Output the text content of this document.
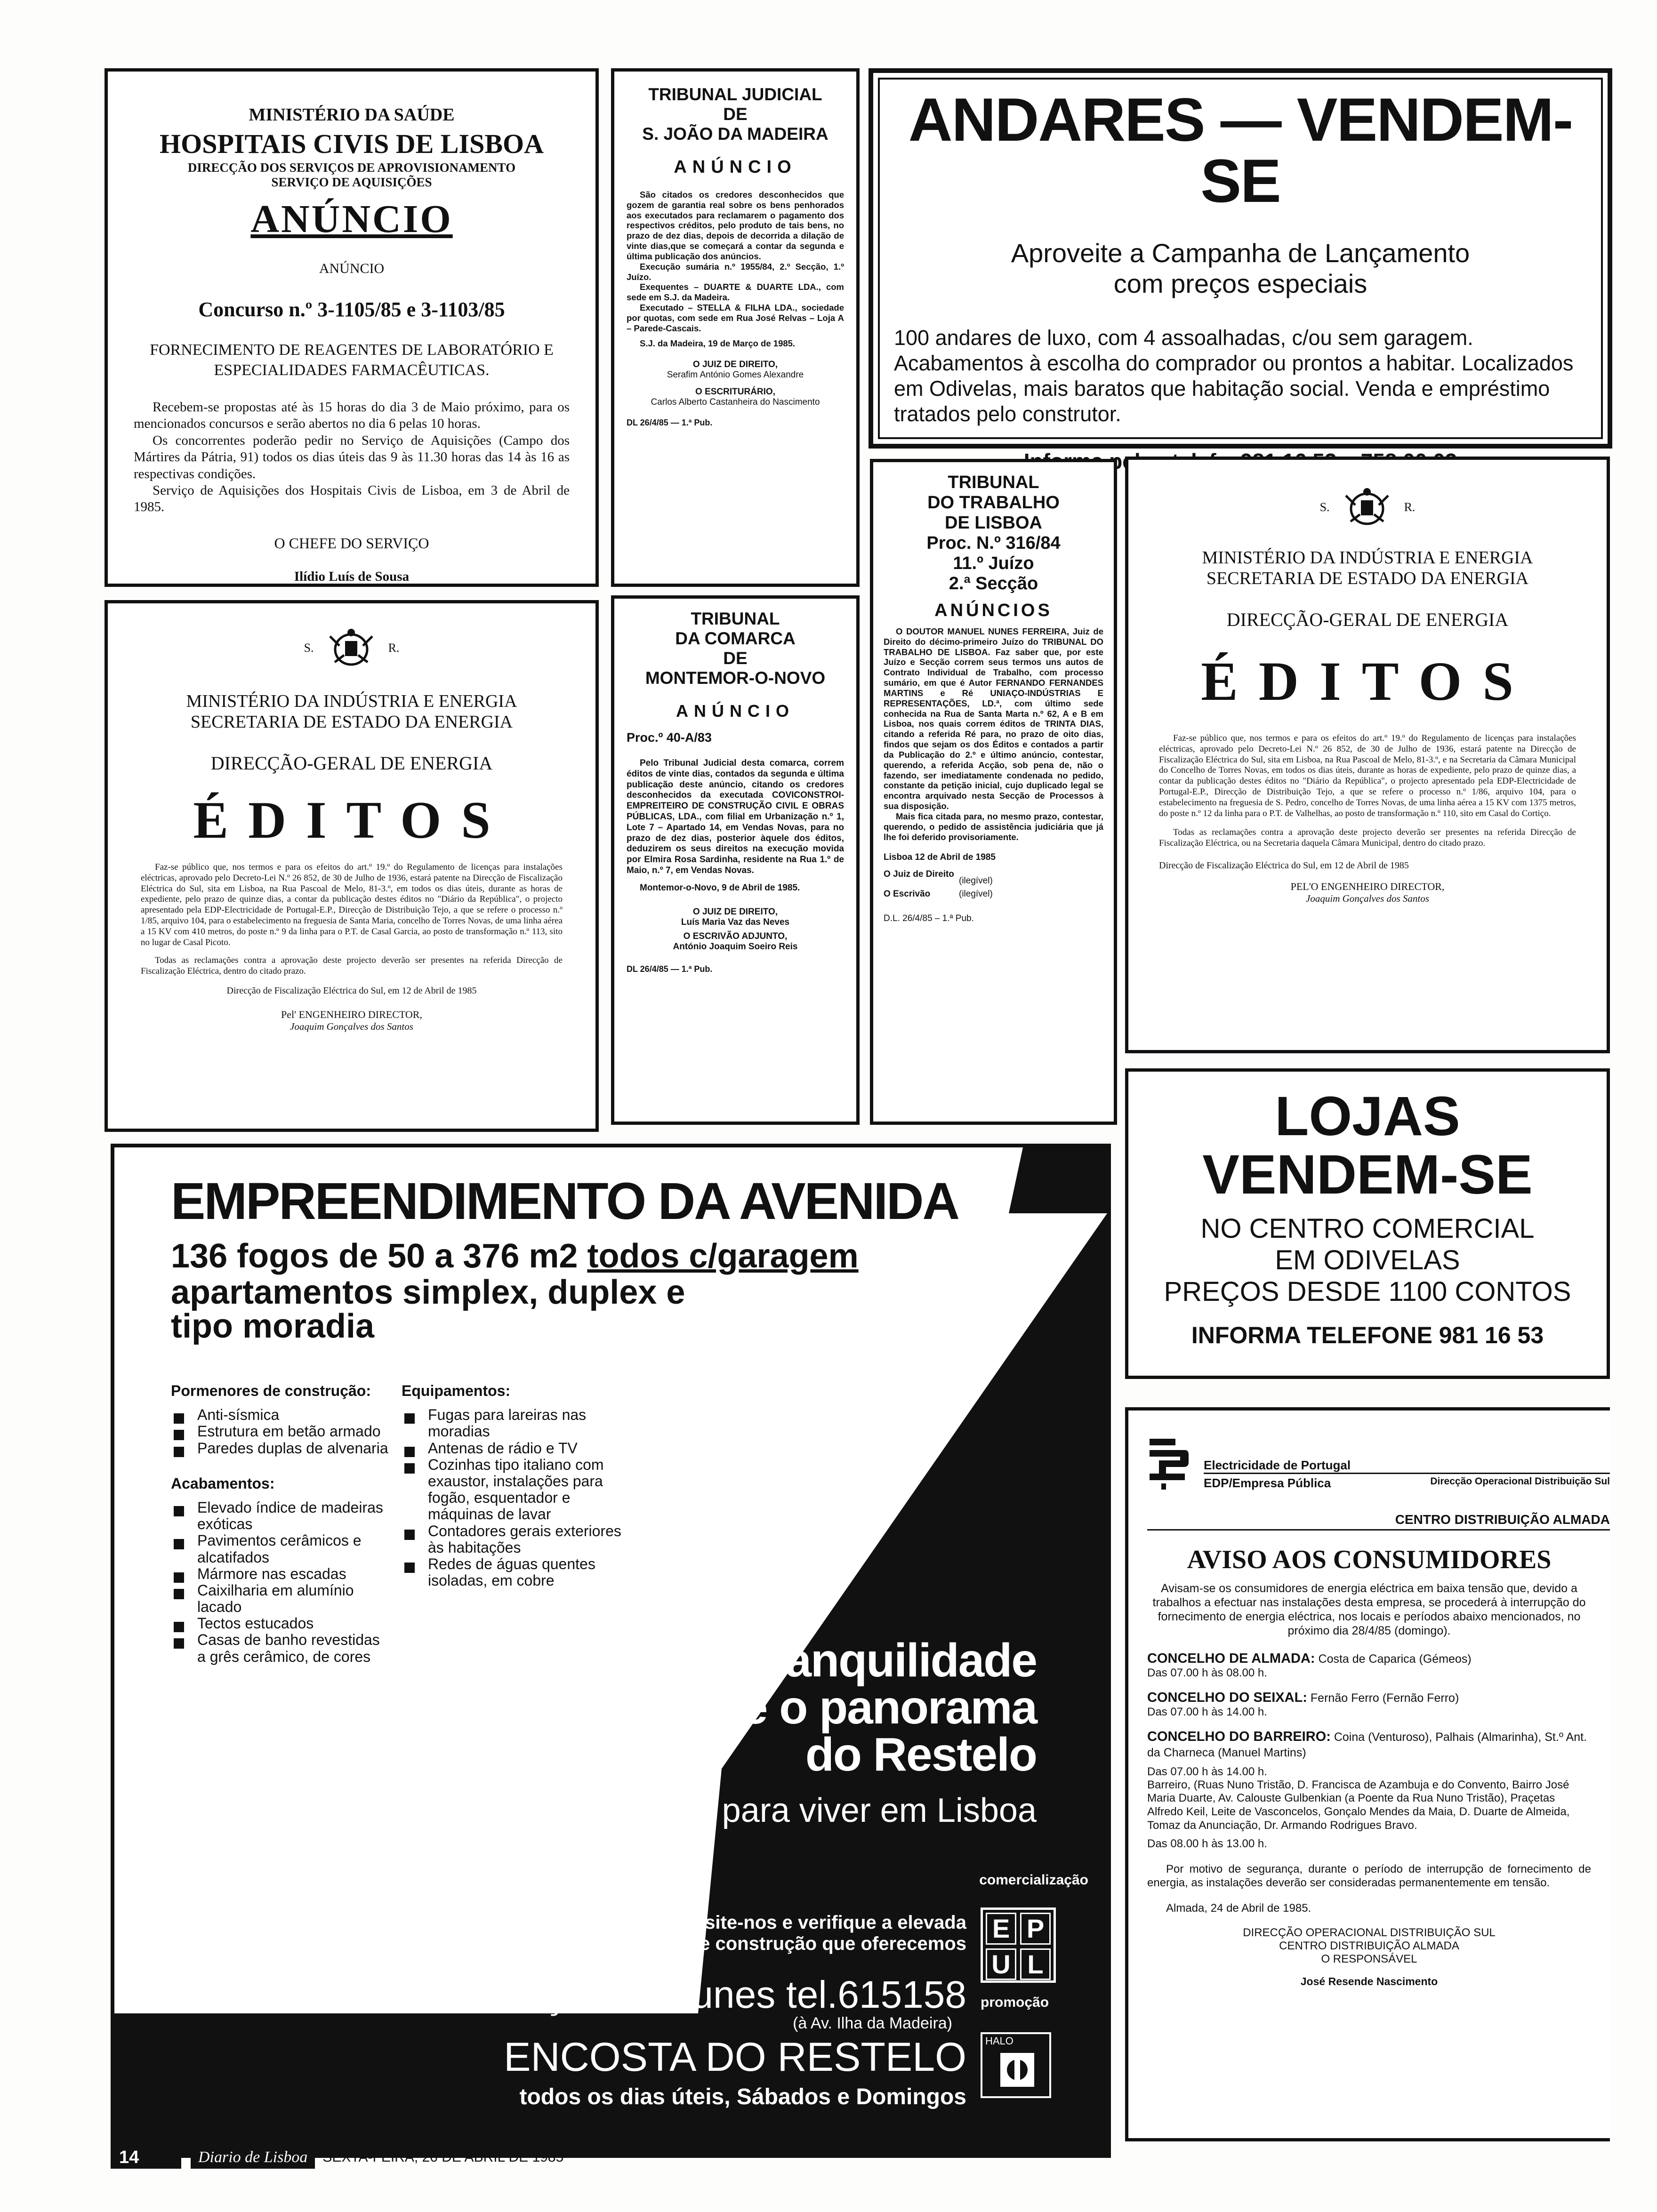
MINISTÉRIO DA SAÚDE

HOSPITAIS CIVIS DE LISBOA

DIRECÇÃO DOS SERVIÇOS DE APROVISIONAMENTO

SERVIÇO DE AQUISIÇÕES

ANÚNCIO

ANÚNCIO

Concurso n.º 3-1105/85 e 3-1103/85

FORNECIMENTO DE REAGENTES DE LABORATÓRIO E ESPECIALIDADES FARMACÊUTICAS.

Recebem-se propostas até às 15 horas do dia 3 de Maio próximo, para os mencionados concursos e serão abertos no dia 6 pelas 10 horas.

Os concorrentes poderão pedir no Serviço de Aquisições (Campo dos Mártires da Pátria, 91) todos os dias úteis das 9 às 11.30 horas das 14 às 16 as respectivas condições.

Serviço de Aquisições dos Hospitais Civis de Lisboa, em 3 de Abril de 1985.

O CHEFE DO SERVIÇO

Ilídio Luís de Sousa

TRIBUNAL JUDICIAL

DE

S. JOÃO DA MADEIRA

ANÚNCIO

São citados os credores desconhecidos que gozem de garantia real sobre os bens penhorados aos executados para reclamarem o pagamento dos respectivos créditos, pelo produto de tais bens, no prazo de dez dias, depois de decorrida a dilação de vinte dias,que se começará a contar da segunda e última publicação dos anúncios.

Execução sumária n.º 1955/84, 2.º Secção, 1.º Juízo.

Exequentes – DUARTE & DUARTE LDA., com sede em S.J. da Madeira.

Executado – STELLA & FILHA LDA., sociedade por quotas, com sede em Rua José Relvas – Loja A – Parede-Cascais.

S.J. da Madeira, 19 de Março de 1985.

O JUIZ DE DIREITO,

Serafim António Gomes Alexandre

O ESCRITURÁRIO,

Carlos Alberto Castanheira do Nascimento

DL 26/4/85 — 1.ª Pub.

ANDARES — VENDEM-SE

Aproveite a Campanha de Lançamento

com preços especiais

100 andares de luxo, com 4 assoalhadas, c/ou sem garagem. Acabamentos à escolha do comprador ou prontos a habitar. Localizados em Odivelas, mais baratos que habitação social. Venda e empréstimo tratados pelo construtor.

S.	R.

MINISTÉRIO DA INDÚSTRIA E ENERGIA

SECRETARIA DE ESTADO DA ENERGIA

DIRECÇÃO-GERAL DE ENERGIA

ÉDITOS

Faz-se público que, nos termos e para os efeitos do art.º 19.º do Regulamento de licenças para instalações eléctricas, aprovado pelo Decreto-Lei N.º 26 852, de 30 de Julho de 1936, estará patente na Direcção de Fiscalização Eléctrica do Sul, sita em Lisboa, na Rua Pascoal de Melo, 81-3.º, em todos os dias úteis, durante as horas de expediente, pelo prazo de quinze dias, a contar da publicação destes éditos no "Diário da República", o projecto apresentado pela EDP-Electricidade de Portugal-E.P., Direcção de Distribuição Tejo, a que se refere o processo n.º 1/85, arquivo 104, para o estabelecimento na freguesia de Santa Maria, concelho de Torres Novas, de uma linha aérea a 15 KV com 410 metros, do poste n.º 9 da linha para o P.T. de Casal Garcia, ao posto de transformação n.º 113, sito no lugar de Casal Picoto.

Todas as reclamações contra a aprovação deste projecto deverão ser presentes na referida Direcção de Fiscalização Eléctrica, dentro do citado prazo.

Direcção de Fiscalização Eléctrica do Sul, em 12 de Abril de 1985

Pel' ENGENHEIRO DIRECTOR,

Joaquim Gonçalves dos Santos

TRIBUNAL

DA COMARCA

DE

MONTEMOR-O-NOVO

ANÚNCIO

Proc.º 40-A/83

Pelo Tribunal Judicial desta comarca, correm éditos de vinte dias, contados da segunda e última publicação deste anúncio, citando os credores desconhecidos da executada COVICONSTROI-EMPREITEIRO DE CONSTRUÇÃO CIVIL E OBRAS PÚBLICAS, LDA., com filial em Urbanização n.º 1, Lote 7 – Apartado 14, em Vendas Novas, para no prazo de dez dias, posterior àquele dos éditos, deduzirem os seus direitos na execução movida por Elmira Rosa Sardinha, residente na Rua 1.º de Maio, n.º 7, em Vendas Novas.

Montemor-o-Novo, 9 de Abril de 1985.

O JUIZ DE DIREITO,

Luís Maria Vaz das Neves

O ESCRIVÃO ADJUNTO,

António Joaquim Soeiro Reis

DL 26/4/85 — 1.ª Pub.

TRIBUNAL

DO TRABALHO

DE LISBOA

Proc. N.º 316/84

11.º Juízo

2.ª Secção

ANÚNCIOS

O DOUTOR MANUEL NUNES FERREIRA, Juiz de Direito do décimo-primeiro Juízo do TRIBUNAL DO TRABALHO DE LISBOA. Faz saber que, por este Juízo e Secção correm seus termos uns autos de Contrato Individual de Trabalho, com processo sumário, em que é Autor FERNANDO FERNANDES MARTINS e Ré UNIAÇO-INDÚSTRIAS E REPRESENTAÇÕES, LD.ª, com último sede conhecida na Rua de Santa Marta n.º 62, A e B em Lisboa, nos quais correm éditos de TRINTA DIAS, citando a referida Ré para, no prazo de oito dias, findos que sejam os dos Éditos e contados a partir da Publicação do 2.º e último anúncio, contestar, querendo, a referida Acção, sob pena de, não o fazendo, ser imediatamente condenada no pedido, constante da petição inicial, cujo duplicado legal se encontra arquivado nesta Secção de Processos à sua disposição.

Mais fica citada para, no mesmo prazo, contestar, querendo, o pedido de assistência judiciária que já lhe foi deferido provisoriamente.

Lisboa 12 de Abril de 1985

O Juiz de Direito
(ilegível)
O Escrivão	(ilegível)

D.L. 26/4/85 – 1.ª Pub.

S.	R.

MINISTÉRIO DA INDÚSTRIA E ENERGIA

SECRETARIA DE ESTADO DA ENERGIA

DIRECÇÃO-GERAL DE ENERGIA

ÉDITOS

Faz-se público que, nos termos e para os efeitos do art.º 19.º do Regulamento de licenças para instalações eléctricas, aprovado pelo Decreto-Lei N.º 26 852, de 30 de Julho de 1936, estará patente na Direcção de Fiscalização Eléctrica do Sul, sita em Lisboa, na Rua Pascoal de Melo, 81-3.º, e na Secretaria da Câmara Municipal do Concelho de Torres Novas, em todos os dias úteis, durante as horas de expediente, pelo prazo de quinze dias, a contar da publicação destes éditos no "Diário da República", o projecto apresentado pela EDP-Electricidade de Portugal-E.P., Direcção de Distribuição Tejo, a que se refere o processo n.º 1/86, arquivo 104, para o estabelecimento na freguesia de S. Pedro, concelho de Torres Novas, de uma linha aérea a 15 KV com 1375 metros, do poste n.º 12 da linha para o P.T. de Valhelhas, ao posto de transformação n.º 110, sito em Casal do Cortiço.

Todas as reclamações contra a aprovação deste projecto deverão ser presentes na referida Direcção de Fiscalização Eléctrica, ou na Secretaria daquela Câmara Municipal, dentro do citado prazo.

Direcção de Fiscalização Eléctrica do Sul, em 12 de Abril de 1985

PEL'O ENGENHEIRO DIRECTOR,

Joaquim Gonçalves dos Santos

LOJAS

VENDEM-SE

NO CENTRO COMERCIAL

EM ODIVELAS

PREÇOS DESDE 1100 CONTOS

INFORMA TELEFONE 981 16 53

Electricidade de Portugal

EDP/Empresa Pública	Direcção Operacional Distribuição Sul

CENTRO DISTRIBUIÇÃO ALMADA

AVISO AOS CONSUMIDORES

Avisam-se os consumidores de energia eléctrica em baixa tensão que, devido a trabalhos a efectuar nas instalações desta empresa, se procederá à interrupção do fornecimento de energia eléctrica, nos locais e períodos abaixo mencionados, no próximo dia 28/4/85 (domingo).

CONCELHO DE ALMADA: Costa de Caparica (Gémeos)

Das 07.00 h às 08.00 h.

CONCELHO DO SEIXAL: Fernão Ferro (Fernão Ferro)

Das 07.00 h às 14.00 h.

CONCELHO DO BARREIRO: Coina (Venturoso), Palhais (Almarinha), St.º Ant. da Charneca (Manuel Martins)

Das 07.00 h às 14.00 h.

Barreiro, (Ruas Nuno Tristão, D. Francisca de Azambuja e do Convento, Bairro José Maria Duarte, Av. Calouste Gulbenkian (a Poente da Rua Nuno Tristão), Praçetas Alfredo Keil, Leite de Vasconcelos, Gonçalo Mendes da Maia, D. Duarte de Almeida, Tomaz da Anunciação, Dr. Armando Rodrigues Bravo.

Das 08.00 h às 13.00 h.

Por motivo de segurança, durante o período de interrupção de fornecimento de energia, as instalações deverão ser consideradas permanentemente em tensão.

Almada, 24 de Abril de 1985.

DIRECÇÃO OPERACIONAL DISTRIBUIÇÃO SUL

CENTRO DISTRIBUIÇÃO ALMADA

O RESPONSÁVEL

José Resende Nascimento

EMPREENDIMENTO DA AVENIDA

136 fogos de 50 a 376 m2 todos c/garagem

apartamentos simplex, duplex e

tipo moradia

Pormenores de construção:

Anti-sísmica
Estrutura em betão armado
Paredes duplas de alvenaria

Acabamentos:

Elevado índice de madeiras exóticas
Pavimentos cerâmicos e alcatifados
Mármore nas escadas
Caixilharia em alumínio lacado
Tectos estucados
Casas de banho revestidas a grês cerâmico, de cores

Equipamentos:

Fugas para lareiras nas moradias
Antenas de rádio e TV
Cozinhas tipo italiano com exaustor, instalações para fogão, esquentador e máquinas de lavar
Contadores gerais exteriores às habitações
Redes de águas quentes isoladas, em cobre

a tranquilidade

e o panorama

do Restelo

o ideal para viver em Lisboa

comercialização

visite-nos e verifique a elevada

qualidade de construção que oferecemos

E P
U L

Rua Gonçalves Nunes tel.615158

(à Av. Ilha da Madeira)

promoção

HALO

ENCOSTA DO RESTELO

todos os dias úteis, Sábados e Domingos

14	Diario de Lisboa	SEXTA-FEIRA, 26 DE ABRIL DE 1985
